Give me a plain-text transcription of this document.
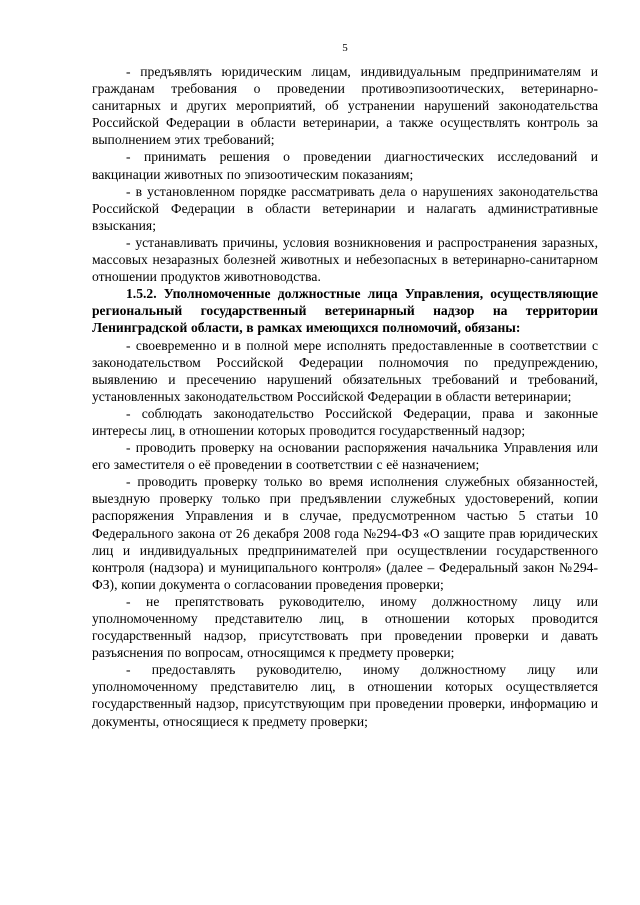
5

- предъявлять юридическим лицам, индивидуальным предпринимателям и гражданам требования о проведении противоэпизоотических, ветеринарно-санитарных и других мероприятий, об устранении нарушений законодательства Российской Федерации в области ветеринарии, а также осуществлять контроль за выполнением этих требований;

- принимать решения о проведении диагностических исследований и вакцинации животных по эпизоотическим показаниям;

- в установленном порядке рассматривать дела о нарушениях законодательства Российской Федерации в области ветеринарии и налагать административные взыскания;

- устанавливать причины, условия возникновения и распространения заразных, массовых незаразных болезней животных и небезопасных в ветеринарно-санитарном отношении продуктов животноводства.

1.5.2. Уполномоченные должностные лица Управления, осуществляющие региональный государственный ветеринарный надзор на территории Ленинградской области, в рамках имеющихся полномочий, обязаны:

- своевременно и в полной мере исполнять предоставленные в соответствии с законодательством Российской Федерации полномочия по предупреждению, выявлению и пресечению нарушений обязательных требований и требований, установленных законодательством Российской Федерации в области ветеринарии;

- соблюдать законодательство Российской Федерации, права и законные интересы лиц, в отношении которых проводится государственный надзор;

- проводить проверку на основании распоряжения начальника Управления или его заместителя о её проведении в соответствии с её назначением;

- проводить проверку только во время исполнения служебных обязанностей, выездную проверку только при предъявлении служебных удостоверений, копии распоряжения Управления и в случае, предусмотренном частью 5 статьи 10 Федерального закона от 26 декабря 2008 года №294-ФЗ «О защите прав юридических лиц и индивидуальных предпринимателей при осуществлении государственного контроля (надзора) и муниципального контроля» (далее – Федеральный закон №294-ФЗ), копии документа о согласовании проведения проверки;

- не препятствовать руководителю, иному должностному лицу или уполномоченному представителю лиц, в отношении которых проводится государственный надзор, присутствовать при проведении проверки и давать разъяснения по вопросам, относящимся к предмету проверки;

- предоставлять руководителю, иному должностному лицу или уполномоченному представителю лиц, в отношении которых осуществляется государственный надзор, присутствующим при проведении проверки, информацию и документы, относящиеся к предмету проверки;
